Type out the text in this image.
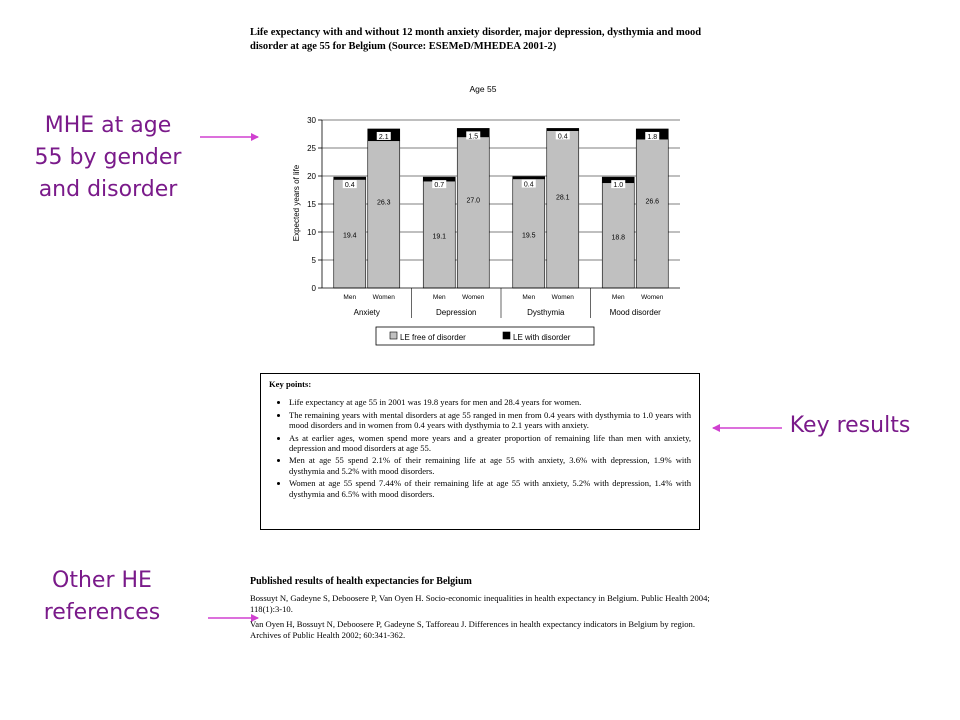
MHE at age 55 by gender and disorder
Key results
Other HE references
Life expectancy with and without 12 month anxiety disorder, major depression, dysthymia and mood disorder at age 55 for Belgium (Source: ESEMeD/MHEDEA 2001-2)
Age 55
Expected years of life	19.4
0.4
26.3
2.1
19.1
0.7
27.0
1.5
19.5
0.4
28.1
0.4
18.8
1.0
26.6
1.8
0
5
10
15
20
25
30
Anxiety
Men	Women
Depression
Men	Women
Dysthymia
Men	Women
Mood disorder
Men	Women
LE free of disorder	LE with disorder
Key points:
• Life expectancy at age 55 in 2001 was 19.8 years for men and 28.4 years for women.
• The remaining years with mental disorders at age 55 ranged in men from 0.4 years with dysthymia to 1.0 years with mood disorders and in women from 0.4 years with dysthymia to 2.1 years with anxiety.
• As at earlier ages, women spend more years and a greater proportion of remaining life than men with anxiety, depression and mood disorders at age 55.
• Men at age 55 spend 2.1% of their remaining life at age 55 with anxiety, 3.6% with depression, 1.9% with dysthymia and 5.2% with mood disorders.
• Women at age 55 spend 7.44% of their remaining life at age 55 with anxiety, 5.2% with depression, 1.4% with dysthymia and 6.5% with mood disorders.
Published results of health expectancies for Belgium

Bossuyt N, Gadeyne S, Deboosere P, Van Oyen H. Socio-economic inequalities in health expectancy in Belgium. Public Health 2004; 118(1):3-10.

Van Oyen H, Bossuyt N, Deboosere P, Gadeyne S, Tafforeau J. Differences in health expectancy indicators in Belgium by region. Archives of Public Health 2002; 60:341-362.
